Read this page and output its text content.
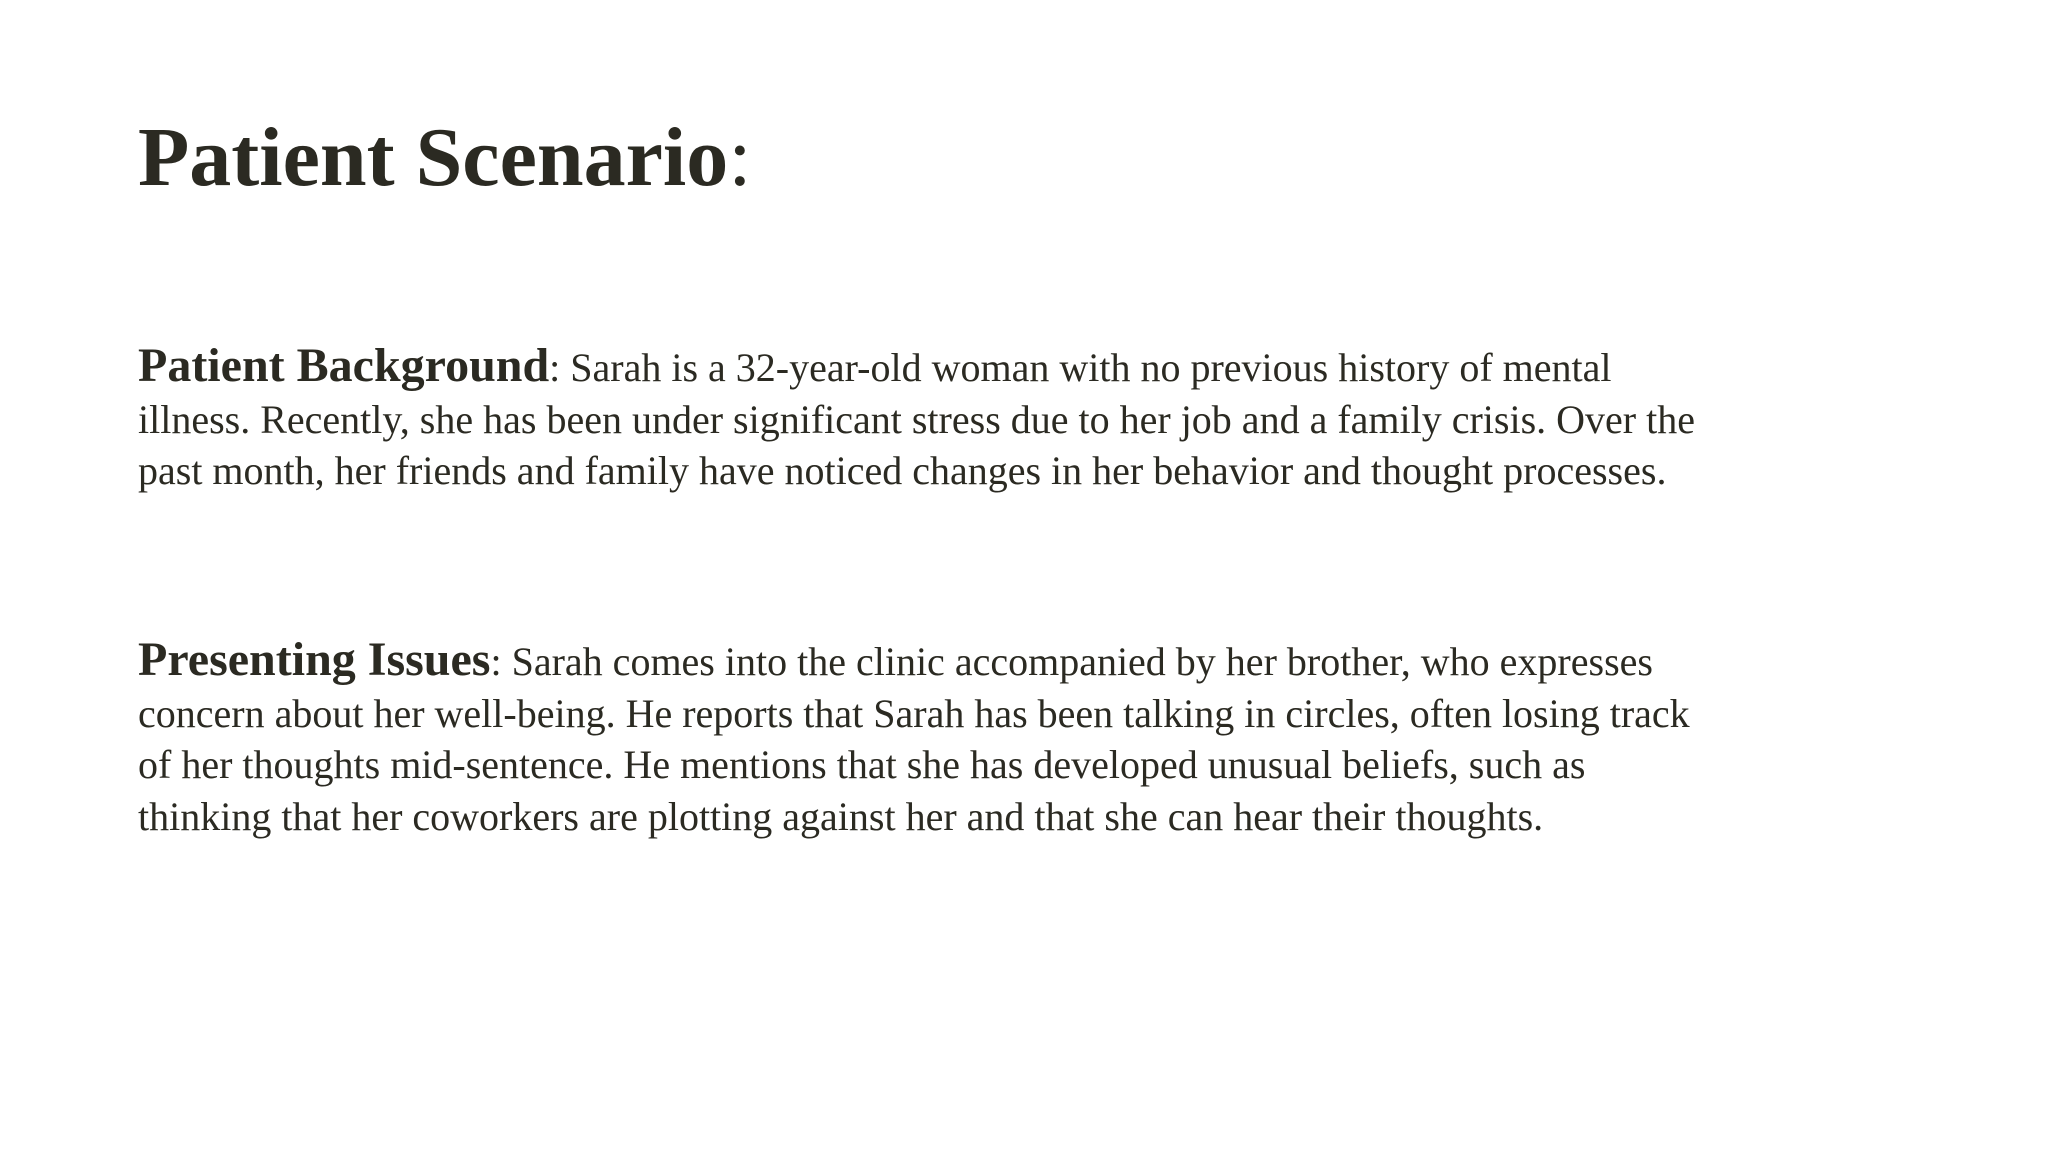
Patient Scenario:

Patient Background: Sarah is a 32-year-old woman with no previous history of mental illness. Recently, she has been under significant stress due to her job and a family crisis. Over the past month, her friends and family have noticed changes in her behavior and thought processes.

Presenting Issues: Sarah comes into the clinic accompanied by her brother, who expresses concern about her well-being. He reports that Sarah has been talking in circles, often losing track of her thoughts mid-sentence. He mentions that she has developed unusual beliefs, such as thinking that her coworkers are plotting against her and that she can hear their thoughts.
